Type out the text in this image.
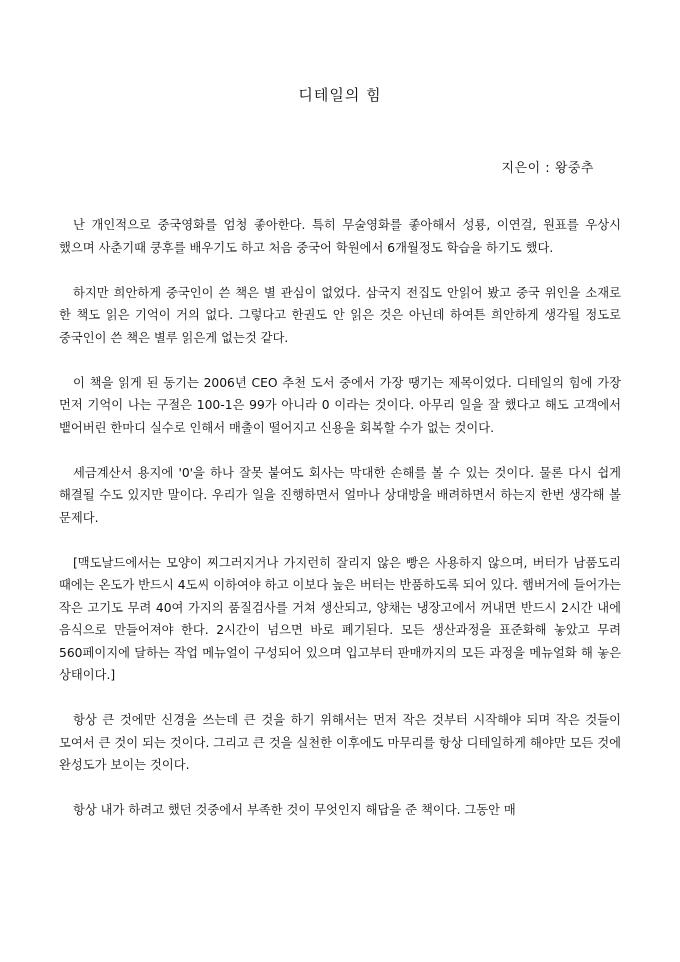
디테일의 힘
지은이 : 왕중추

난 개인적으로 중국영화를 엄청 좋아한다. 특히 무술영화를 좋아해서 성룡, 이연걸, 원표를 우상시 했으며 사춘기때 쿵후를 배우기도 하고 처음 중국어 학원에서 6개월정도 학습을 하기도 했다.

하지만 희안하게 중국인이 쓴 책은 별 관심이 없었다. 삼국지 전집도 안읽어 봤고 중국 위인을 소재로 한 책도 읽은 기억이 거의 없다. 그렇다고 한권도 안 읽은 것은 아닌데 하여튼 희안하게 생각될 정도로 중국인이 쓴 책은 별루 읽은게 없는것 같다.

이 책을 읽게 된 동기는 2006년 CEO 추천 도서 중에서 가장 땡기는 제목이었다. 디테일의 힘에 가장 먼저 기억이 나는 구절은 100-1은 99가 아니라 0 이라는 것이다. 아무리 일을 잘 했다고 해도 고객에서 뱉어버린 한마디 실수로 인해서 매출이 떨어지고 신용을 회복할 수가 없는 것이다.

세금계산서 용지에 '0'을 하나 잘못 붙여도 회사는 막대한 손해를 볼 수 있는 것이다. 물론 다시 쉽게 해결될 수도 있지만 말이다. 우리가 일을 진행하면서 얼마나 상대방을 배려하면서 하는지 한번 생각해 볼 문제다.

[맥도날드에서는 모양이 찌그러지거나 가지런히 잘리지 않은 빵은 사용하지 않으며, 버터가 남품도리 때에는 온도가 반드시 4도씨 이하여야 하고 이보다 높은 버터는 반품하도록 되어 있다. 햄버거에 들어가는 작은 고기도 무려 40여 가지의 품질검사를 거쳐 생산되고, 양채는 냉장고에서 꺼내면 반드시 2시간 내에 음식으로 만들어져야 한다. 2시간이 넘으면 바로 폐기된다. 모든 생산과정을 표준화해 놓았고 무려 560페이지에 달하는 작업 메뉴얼이 구성되어 있으며 입고부터 판매까지의 모든 과정을 메뉴얼화 해 놓은 상태이다.]

항상 큰 것에만 신경을 쓰는데 큰 것을 하기 위해서는 먼저 작은 것부터 시작해야 되며 작은 것들이 모여서 큰 것이 되는 것이다. 그리고 큰 것을 실천한 이후에도 마무리를 항상 디테일하게 해야만 모든 것에 완성도가 보이는 것이다.

항상 내가 하려고 했던 것중에서 부족한 것이 무엇인지 해답을 준 책이다. 그동안 매
